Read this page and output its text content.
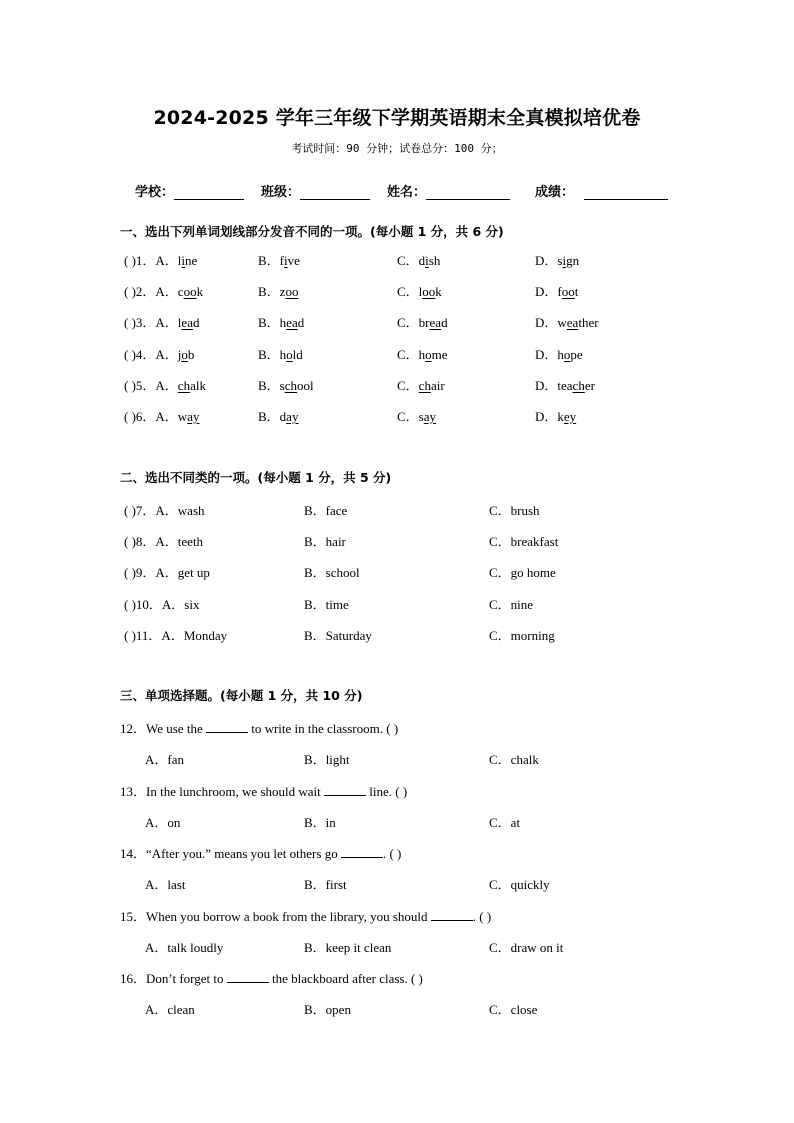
2024-2025 学年三年级下学期英语期末全真模拟培优卷
考试时间：90 分钟；试卷总分：100 分；
学校：	班级：	姓名：	成绩：
一、选出下列单词划线部分发音不同的一项。(每小题 1 分，共 6 分)
( )1．A．line	B．five	C．dish	D．sign
( )2．A．cook	B．zoo	C．look	D．foot
( )3．A．lead	B．head	C．bread	D．weather
( )4．A．job	B．hold	C．home	D．hope
( )5．A．chalk	B．school	C．chair	D．teacher
( )6．A．way	B．day	C．say	D．key
二、选出不同类的一项。(每小题 1 分，共 5 分)
( )7．A．wash	B．face	C．brush
( )8．A．teeth	B．hair	C．breakfast
( )9．A．get up	B．school	C．go home
( )10．A．six	B．time	C．nine
( )11．A．Monday	B．Saturday	C．morning
三、单项选择题。(每小题 1 分，共 10 分)
12．We use the	to write in the classroom. ( )
A．fan	B．light	C．chalk
13．In the lunchroom, we should wait	line. ( )
A．on	B．in	C．at
14．“After you.” means you let others go	. ( )
A．last	B．first	C．quickly
15．When you borrow a book from the library, you should	. ( )
A．talk loudly	B．keep it clean	C．draw on it
16．Don’t forget to	the blackboard after class. ( )
A．clean	B．open	C．close
